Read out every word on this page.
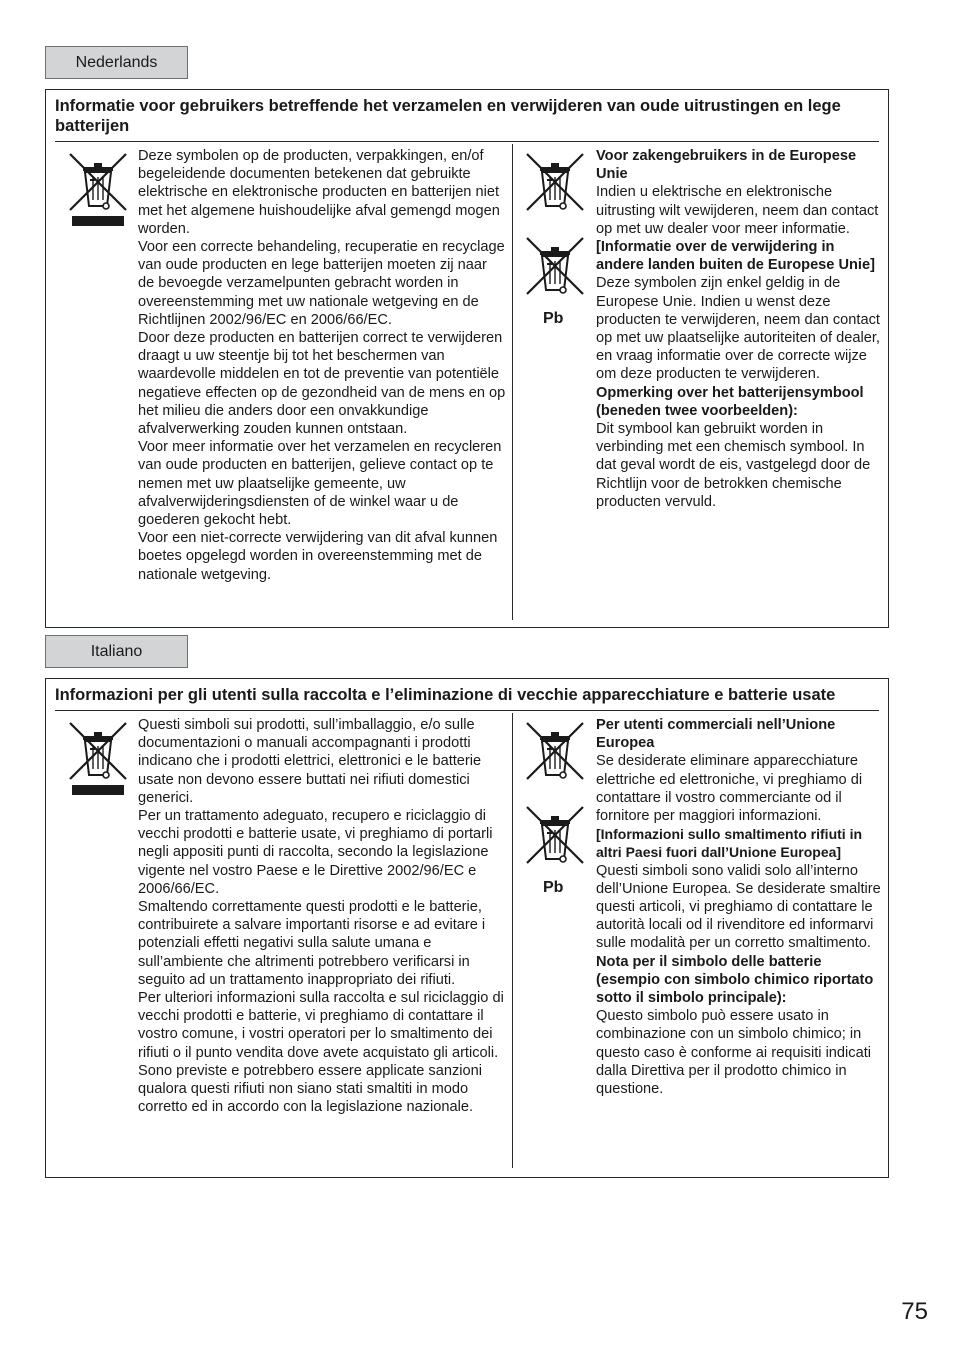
Nederlands
Informatie voor gebruikers betreffende het verzamelen en verwijderen van oude uitrustingen en lege batterijen

Deze symbolen op de producten, verpakkingen, en/of begeleidende documenten betekenen dat gebruikte elektrische en elektronische producten en batterijen niet met het algemene huishoudelijke afval gemengd mogen worden.

Voor een correcte behandeling, recuperatie en recyclage van oude producten en lege batterijen moeten zij naar de bevoegde verzamelpunten gebracht worden in overeenstemming met uw nationale wetgeving en de Richtlijnen 2002/96/EC en 2006/66/EC.

Door deze producten en batterijen correct te verwijderen draagt u uw steentje bij tot het beschermen van waardevolle middelen en tot de preventie van potentiële negatieve effecten op de gezondheid van de mens en op het milieu die anders door een onvakkundige afvalverwerking zouden kunnen ontstaan.

Voor meer informatie over het verzamelen en recycleren van oude producten en batterijen, gelieve contact op te nemen met uw plaatselijke gemeente, uw afvalverwijderingsdiensten of de winkel waar u de goederen gekocht hebt.

Voor een niet-correcte verwijdering van dit afval kunnen boetes opgelegd worden in overeenstemming met de nationale wetgeving.

Pb

Voor zakengebruikers in de Europese Unie

Indien u elektrische en elektronische uitrusting wilt vewijderen, neem dan contact op met uw dealer voor meer informatie.

[Informatie over de verwijdering in andere landen buiten de Europese Unie]

Deze symbolen zijn enkel geldig in de Europese Unie. Indien u wenst deze producten te verwijderen, neem dan contact op met uw plaatselijke autoriteiten of dealer, en vraag informatie over de correcte wijze om deze producten te verwijderen.

Opmerking over het batterijensymbool (beneden twee voorbeelden):

Dit symbool kan gebruikt worden in verbinding met een chemisch symbool. In dat geval wordt de eis, vastgelegd door de Richtlijn voor de betrokken chemische producten vervuld.

Italiano
Informazioni per gli utenti sulla raccolta e l’eliminazione di vecchie apparecchiature e batterie usate

Questi simboli sui prodotti, sull’imballaggio, e/o sulle documentazioni o manuali accompagnanti i prodotti indicano che i prodotti elettrici, elettronici e le batterie usate non devono essere buttati nei rifiuti domestici generici.

Per un trattamento adeguato, recupero e riciclaggio di vecchi prodotti e batterie usate, vi preghiamo di portarli negli appositi punti di raccolta, secondo la legislazione vigente nel vostro Paese e le Direttive 2002/96/EC e 2006/66/EC.

Smaltendo correttamente questi prodotti e le batterie, contribuirete a salvare importanti risorse e ad evitare i potenziali effetti negativi sulla salute umana e sull’ambiente che altrimenti potrebbero verificarsi in seguito ad un trattamento inappropriato dei rifiuti.

Per ulteriori informazioni sulla raccolta e sul riciclaggio di vecchi prodotti e batterie, vi preghiamo di contattare il vostro comune, i vostri operatori per lo smaltimento dei rifiuti o il punto vendita dove avete acquistato gli articoli.

Sono previste e potrebbero essere applicate sanzioni qualora questi rifiuti non siano stati smaltiti in modo corretto ed in accordo con la legislazione nazionale.

Pb

Per utenti commerciali nell’Unione Europea

Se desiderate eliminare apparecchiature elettriche ed elettroniche, vi preghiamo di contattare il vostro commerciante od il fornitore per maggiori informazioni.

[Informazioni sullo smaltimento rifiuti in altri Paesi fuori dall’Unione Europea]

Questi simboli sono validi solo all’interno dell’Unione Europea. Se desiderate smaltire questi articoli, vi preghiamo di contattare le autorità locali od il rivenditore ed informarvi sulle modalità per un corretto smaltimento.

Nota per il simbolo delle batterie (esempio con simbolo chimico riportato sotto il simbolo principale):

Questo simbolo può essere usato in combinazione con un simbolo chimico; in questo caso è conforme ai requisiti indicati dalla Direttiva per il prodotto chimico in questione.

75
